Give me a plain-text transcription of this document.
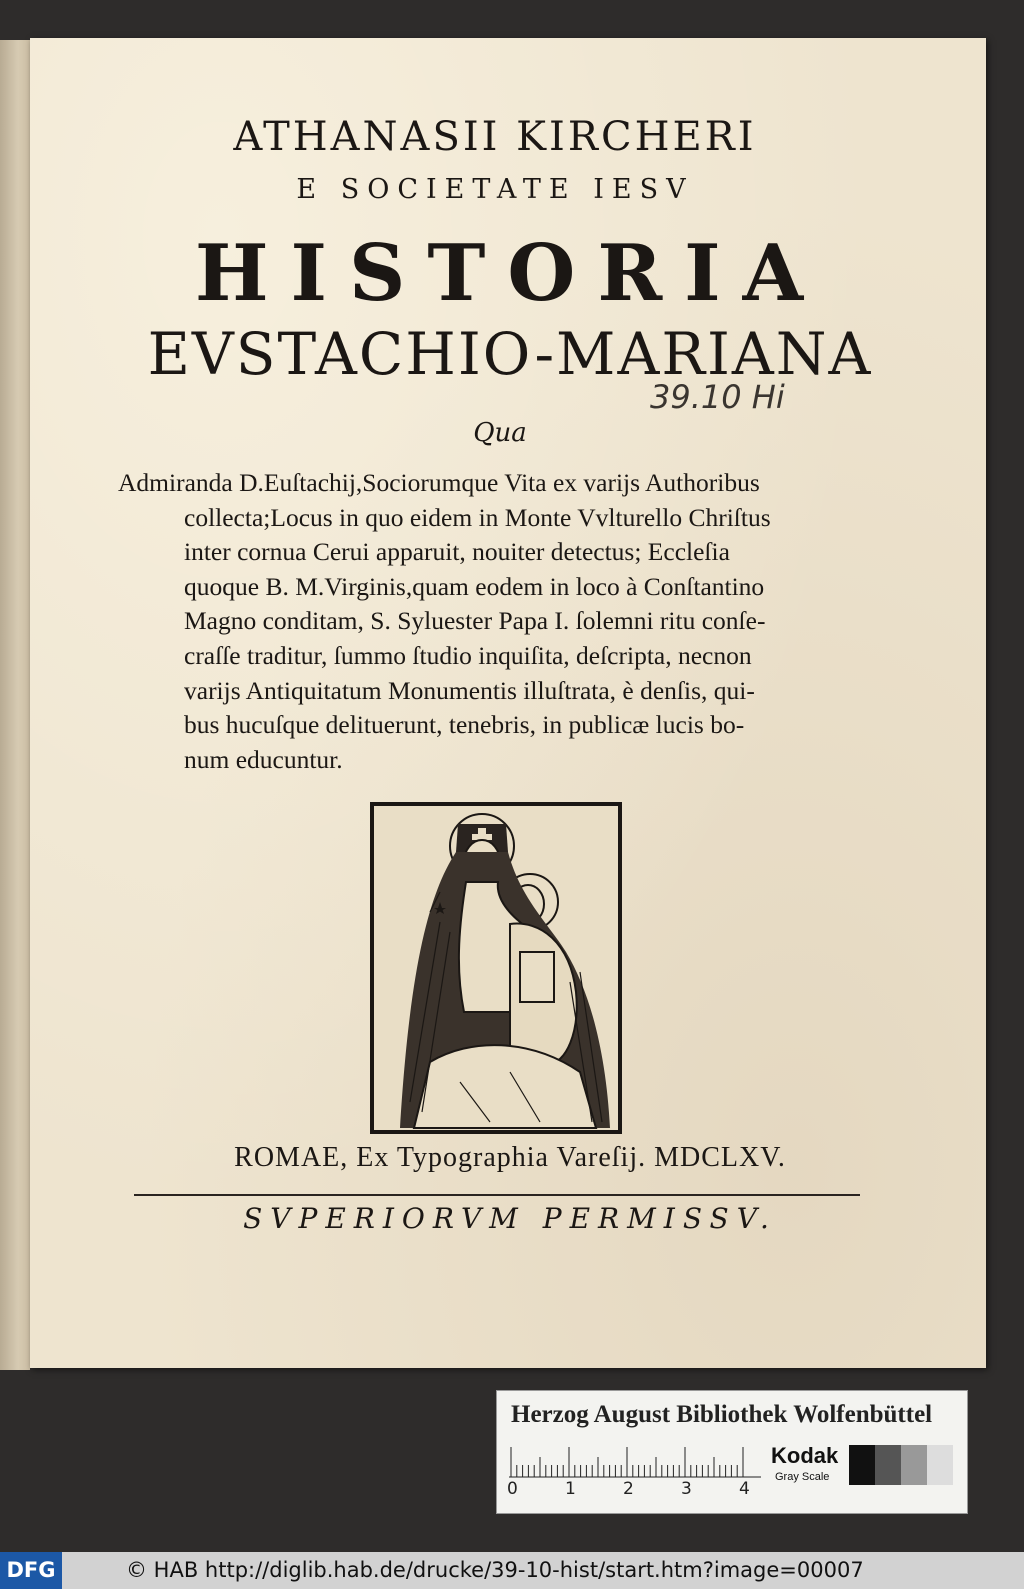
ATHANASII KIRCHERI
E SOCIETATE IESV
HISTORIA
EVSTACHIO-MARIANA
39.10 Hi
Qua
Admiranda D.Euſtachij,Sociorumque Vita ex varijs Authoribus
collecta;Locus in quo eidem in Monte Vvlturello Chriſtus
inter cornua Cerui apparuit, nouiter detectus; Eccleſia
quoque B. M.Virginis,quam eodem in loco à Conſtantino
Magno conditam, S. Syluester Papa I. ſolemni ritu conſe-
craſſe traditur, ſummo ſtudio inquiſita, deſcripta, necnon
varijs Antiquitatum Monumentis illuſtrata, è denſis, qui-
bus hucuſque delituerunt, tenebris, in publicæ lucis bo-
num educuntur.
ROMAE, Ex Typographia Vareſij. MDCLXV.
SVPERIORVM PERMISSV.
Herzog August Bibliothek Wolfenbüttel
0	1	2	3	4
Kodak
Gray Scale
DFG	© HAB http://diglib.hab.de/drucke/39-10-hist/start.htm?image=00007
